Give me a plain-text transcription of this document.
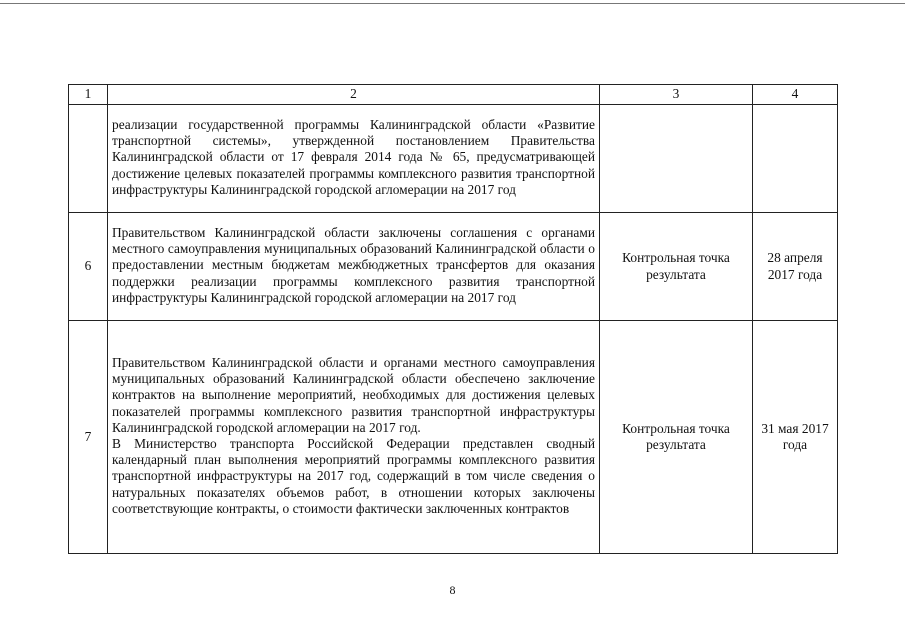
1	2	3	4

	реализации государственной программы Калининградской области «Развитие транспортной системы», утвержденной постановлением Правительства Калининградской области от 17 февраля 2014 года № 65, предусматривающей достижение целевых показателей программы комплексного развития транспортной инфраструктуры Калининградской городской агломерации на 2017 год		

6	Правительством Калининградской области заключены соглашения с органами местного самоуправления муниципальных образований Калининградской области о предоставлении местным бюджетам межбюджетных трансфертов для оказания поддержки реализации программы комплексного развития транспортной инфраструктуры Калининградской городской агломерации на 2017 год	Контрольная точка результата	28 апреля 2017 года
7	Правительством Калининградской области и органами местного самоуправления муниципальных образований Калининградской области обеспечено заключение контрактов на выполнение мероприятий, необходимых для достижения целевых показателей программы комплексного развития транспортной инфраструктуры Калининградской городской агломерации на 2017 год.

В Министерство транспорта Российской Федерации представлен сводный календарный план выполнения мероприятий программы комплексного развития транспортной инфраструктуры на 2017 год, содержащий в том числе сведения о натуральных показателях объемов работ, в отношении которых заключены соответствующие контракты, о стоимости фактически заключенных контрактов	Контрольная точка результата	31 мая 2017 года
8
